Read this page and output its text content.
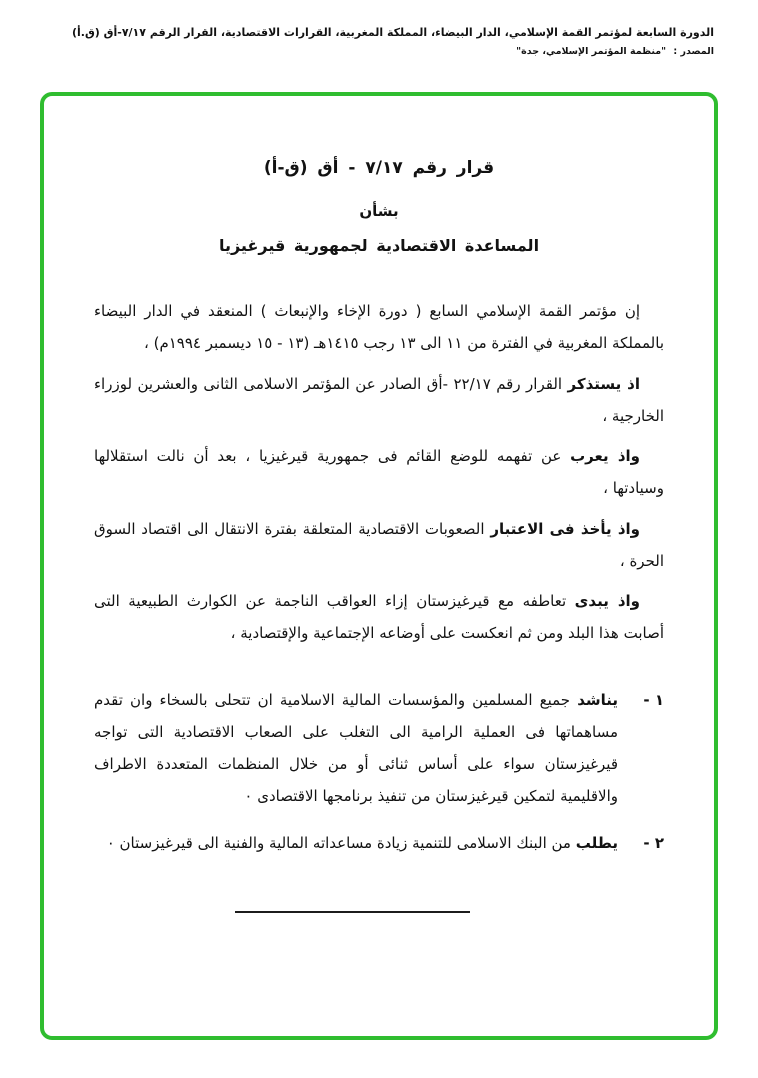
الدورة السابعة لمؤتمر القمة الإسلامي، الدار البيضاء، المملكة المغربية، القرارات الاقتصادية، القرار الرقم ٧/١٧-أق (ق.أ)
المصدر : "منظمة المؤتمر الإسلامي، جدة"
قرار رقم ٧/١٧ - أق (ق-أ)
بشأن
المساعدة الاقتصادية لجمهورية قيرغيزيا

إن مؤتمر القمة الإسلامي السابع ( دورة الإخاء والإنبعاث ) المنعقد في الدار البيضاء بالمملكة المغربية في الفترة من ١١ الى ١٣ رجب ١٤١٥هـ (١٣ - ١٥ ديسمبر ١٩٩٤م) ،

اذ يستذكر القرار رقم ٢٢/١٧ -أق الصادر عن المؤتمر الاسلامى الثانى والعشرين لوزراء الخارجية ،

واذ يعرب عن تفهمه للوضع القائم فى جمهورية قيرغيزيا ، بعد أن نالت استقلالها وسيادتها ،

واذ يأخذ فى الاعتبار الصعوبات الاقتصادية المتعلقة بفترة الانتقال الى اقتصاد السوق الحرة ،

واذ يبدى تعاطفه مع قيرغيزستان إزاء العواقب الناجمة عن الكوارث الطبيعية التى أصابت هذا البلد ومن ثم انعكست على أوضاعه الإجتماعية والإقتصادية ،

١ -

يناشد جميع المسلمين والمؤسسات المالية الاسلامية ان تتحلى بالسخاء وان تقدم مساهماتها فى العملية الرامية الى التغلب على الصعاب الاقتصادية التى تواجه قيرغيزستان سواء على أساس ثنائى أو من خلال المنظمات المتعددة الاطراف والاقليمية لتمكين قيرغيزستان من تنفيذ برنامجها الاقتصادى ٠

٢ -

يطلب من البنك الاسلامى للتنمية زيادة مساعداته المالية والفنية الى قيرغيزستان ٠
